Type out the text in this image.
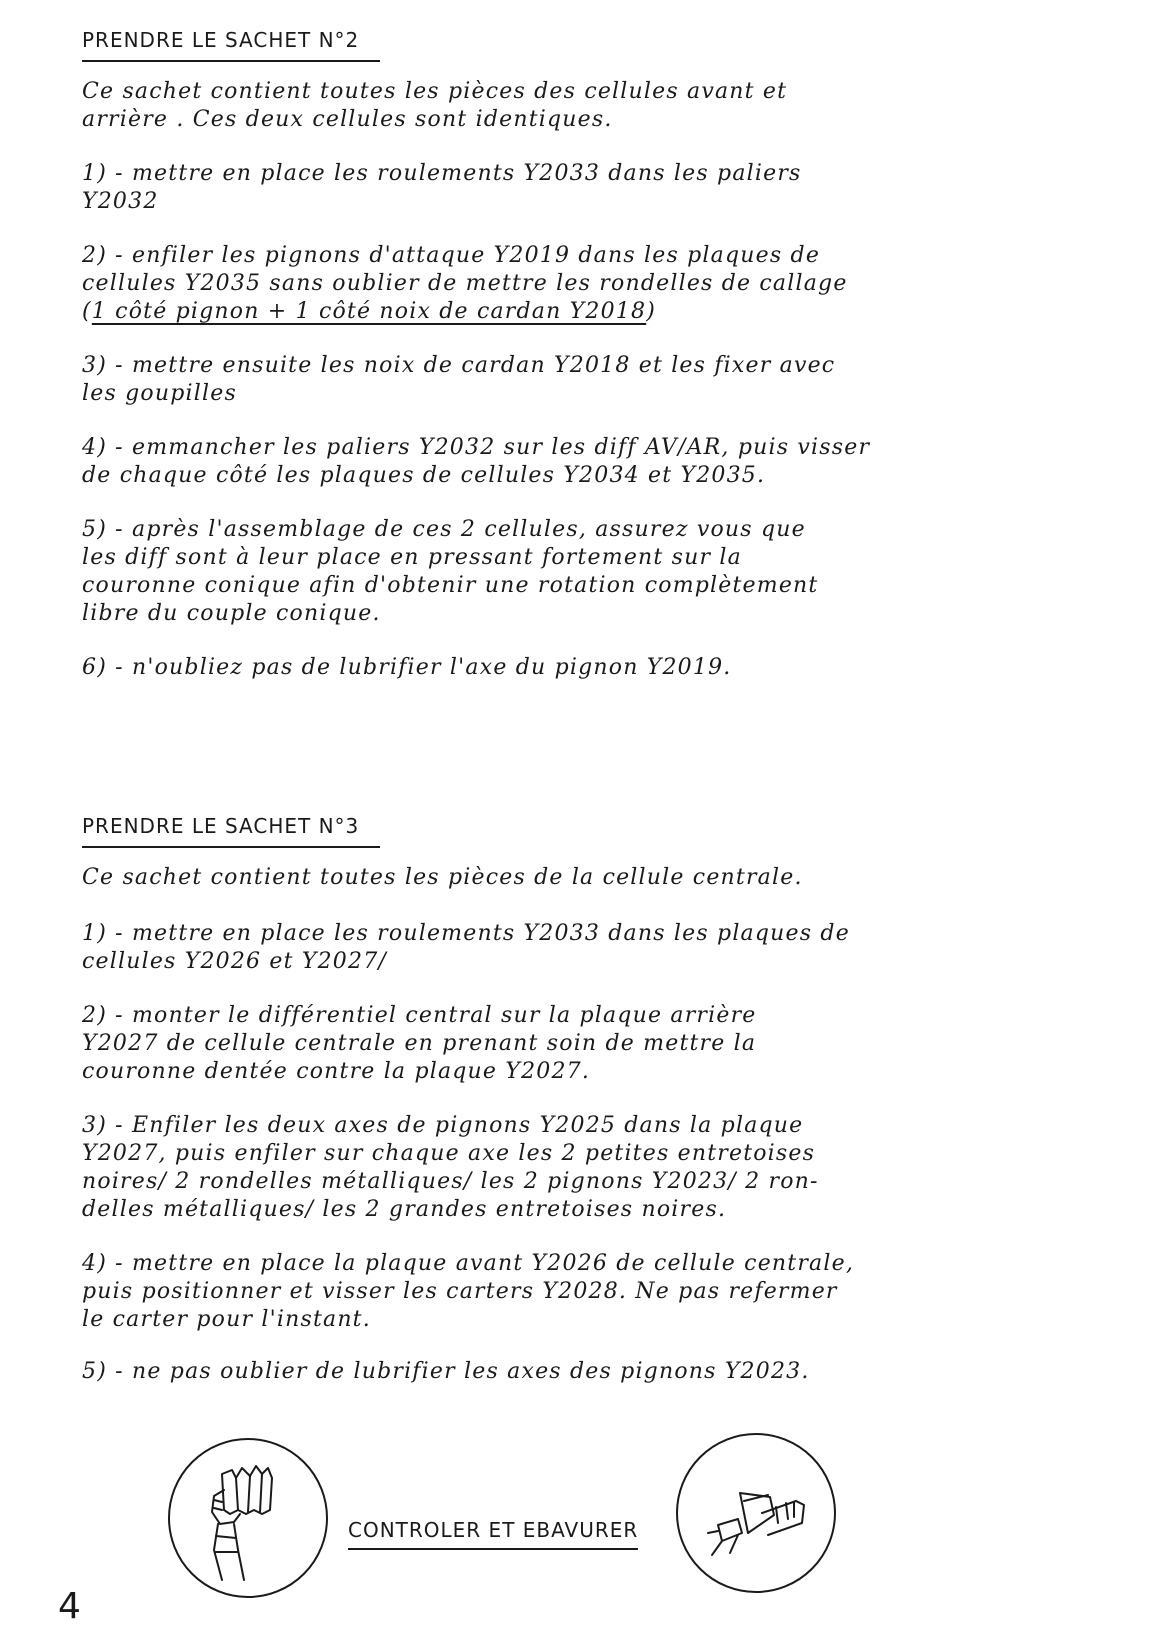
PRENDRE LE SACHET N°2
Ce sachet contient toutes les pièces des cellules avant et
arrière . Ces deux cellules sont identiques.
1) - mettre en place les roulements Y2033 dans les paliers
Y2032
2) - enfiler les pignons d'attaque Y2019 dans les plaques de
cellules Y2035 sans oublier de mettre les rondelles de callage
(1 côté pignon + 1 côté noix de cardan Y2018)
3) - mettre ensuite les noix de cardan Y2018 et les fixer avec
les goupilles
4) - emmancher les paliers Y2032 sur les diff AV/AR, puis visser
de chaque côté les plaques de cellules Y2034 et Y2035.
5) - après l'assemblage de ces 2 cellules, assurez vous que
les diff sont à leur place en pressant fortement sur la
couronne conique afin d'obtenir une rotation complètement
libre du couple conique.
6) - n'oubliez pas de lubrifier l'axe du pignon Y2019.
PRENDRE LE SACHET N°3
Ce sachet contient toutes les pièces de la cellule centrale.
1) - mettre en place les roulements Y2033 dans les plaques de
cellules Y2026 et Y2027/
2) - monter le différentiel central sur la plaque arrière
Y2027 de cellule centrale en prenant soin de mettre la
couronne dentée contre la plaque Y2027.
3) - Enfiler les deux axes de pignons Y2025 dans la plaque
Y2027, puis enfiler sur chaque axe les 2 petites entretoises
noires/ 2 rondelles métalliques/ les 2 pignons Y2023/ 2 ron-
delles métalliques/ les 2 grandes entretoises noires.
4) - mettre en place la plaque avant Y2026 de cellule centrale,
puis positionner et visser les carters Y2028. Ne pas refermer
le carter pour l'instant.
5) - ne pas oublier de lubrifier les axes des pignons Y2023.
CONTROLER ET EBAVURER
4
